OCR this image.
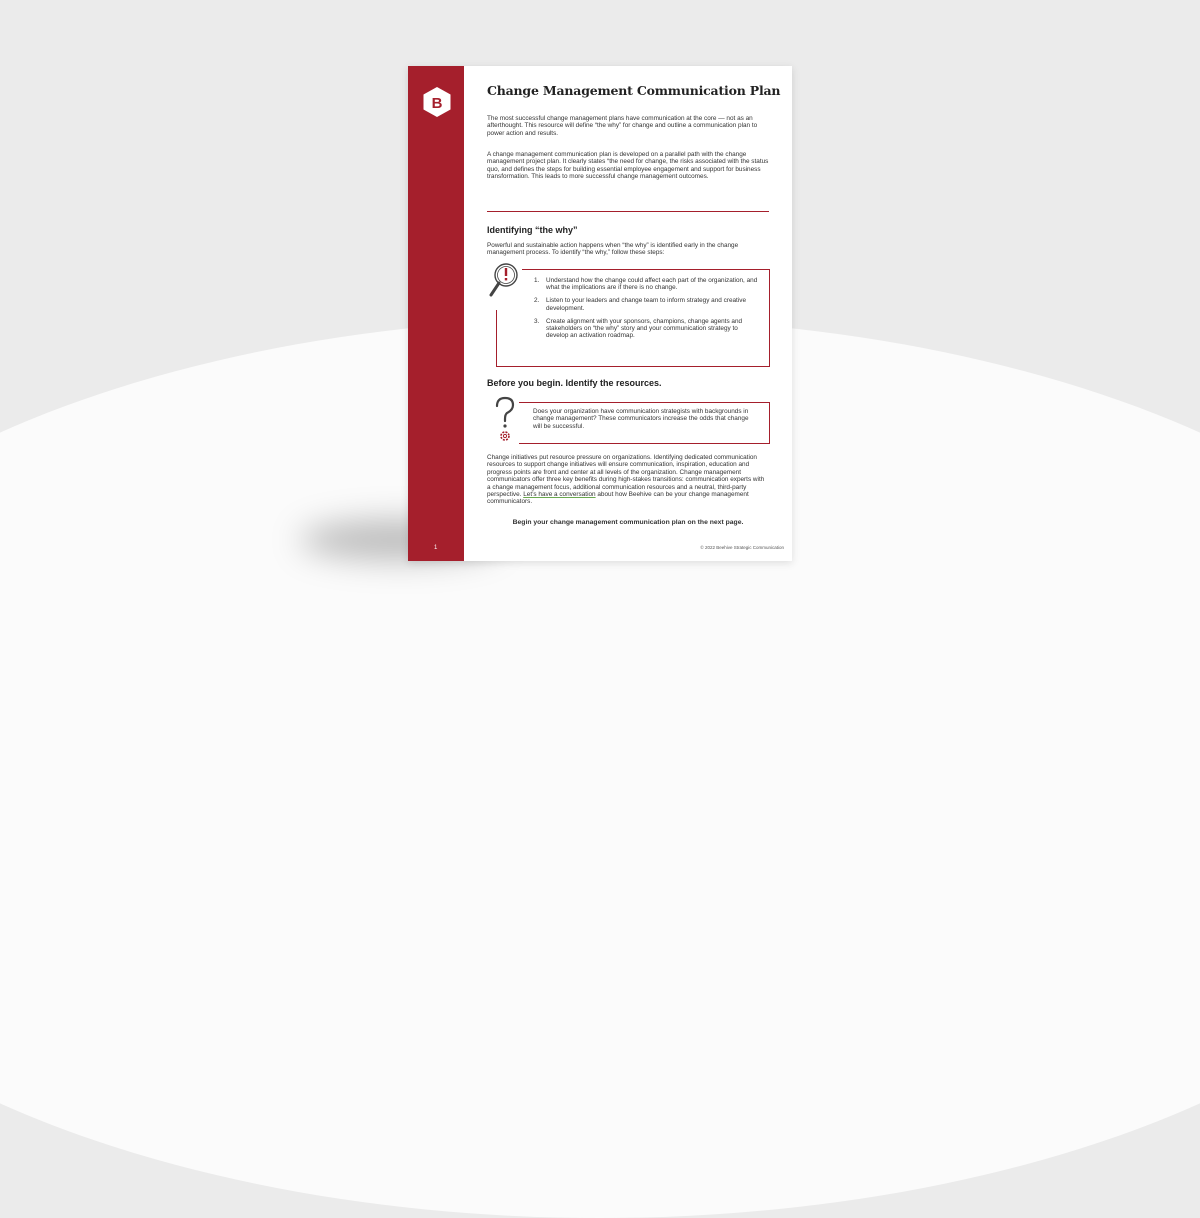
B
1
Change Management Communication Plan

The most successful change management plans have communication at the core — not as an afterthought. This resource will define “the why” for change and outline a communication plan to power action and results.

A change management communication plan is developed on a parallel path with the change management project plan. It clearly states “the need for change, the risks associated with the status quo, and defines the steps for building essential employee engagement and support for business transformation. This leads to more successful change management outcomes.

Identifying “the why”

Powerful and sustainable action happens when “the why” is identified early in the change management process. To identify “the why,” follow these steps:

1. Understand how the change could affect each part of the organization, and what the implications are if there is no change.
2. Listen to your leaders and change team to inform strategy and creative development.
3. Create alignment with your sponsors, champions, change agents and stakeholders on “the why” story and your communication strategy to develop an activation roadmap.
Before you begin. Identify the resources.
Does your organization have communication strategists with backgrounds in change management? These communicators increase the odds that change will be successful.

Change initiatives put resource pressure on organizations. Identifying dedicated communication resources to support change initiatives will ensure communication, inspiration, education and progress points are front and center at all levels of the organization. Change management communicators offer three key benefits during high-stakes transitions: communication experts with a change management focus, additional communication resources and a neutral, third-party perspective. Let’s have a conversation about how Beehive can be your change management communicators.

Begin your change management communication plan on the next page.

© 2022 Beehive Strategic Communication
